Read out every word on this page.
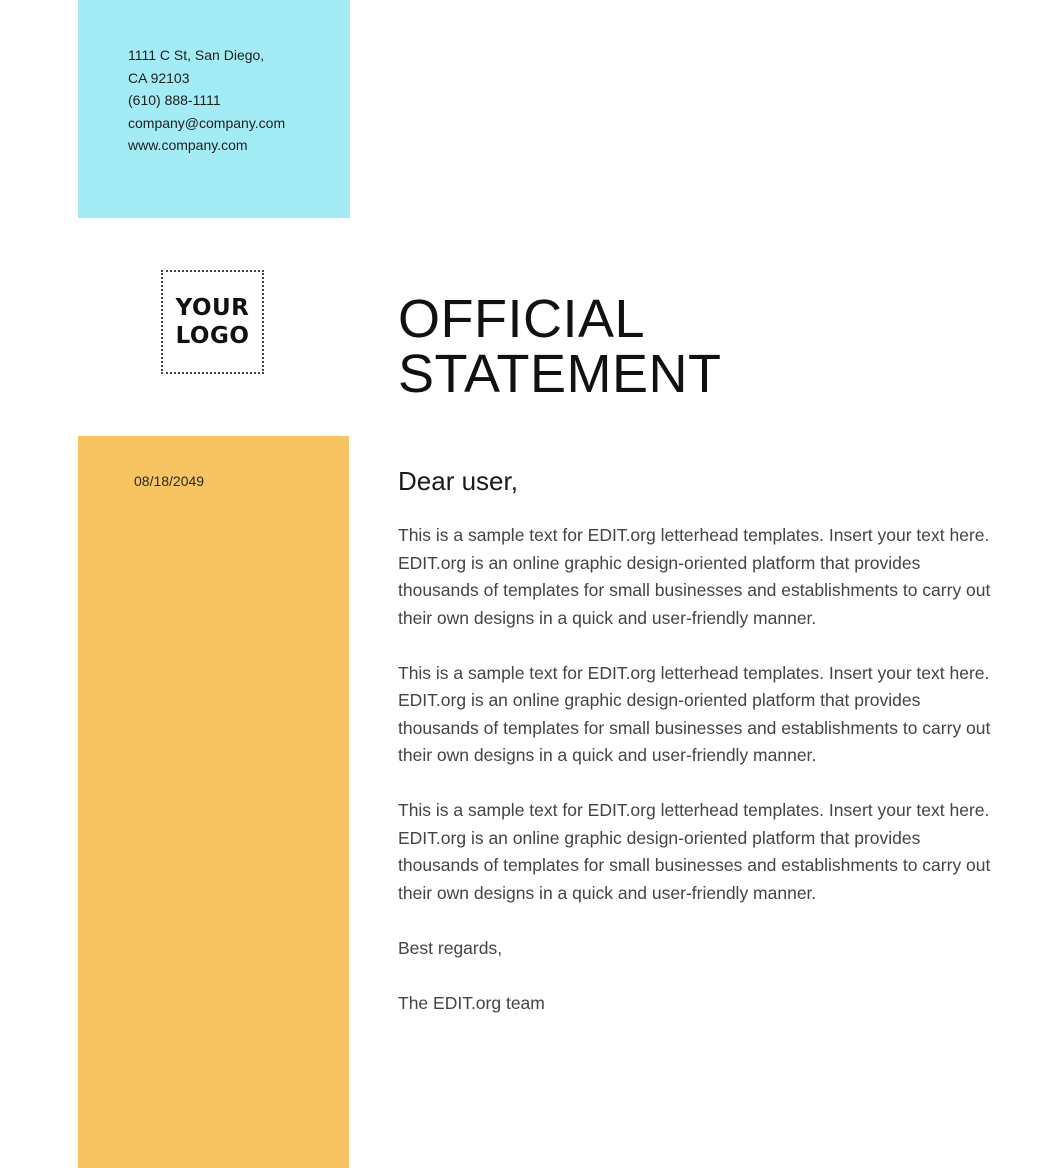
1111 C St, San Diego,
CA 92103
(610) 888-1111
company@company.com
www.company.com
YOUR
LOGO	OFFICIAL
STATEMENT
08/18/2049	Dear user,

This is a sample text for EDIT.org letterhead templates. Insert your text here. EDIT.org is an online graphic design-oriented platform that provides thousands of templates for small businesses and establishments to carry out their own designs in a quick and user-friendly manner.

This is a sample text for EDIT.org letterhead templates. Insert your text here. EDIT.org is an online graphic design-oriented platform that provides thousands of templates for small businesses and establishments to carry out their own designs in a quick and user-friendly manner.

This is a sample text for EDIT.org letterhead templates. Insert your text here. EDIT.org is an online graphic design-oriented platform that provides thousands of templates for small businesses and establishments to carry out their own designs in a quick and user-friendly manner.

Best regards,

The EDIT.org team
